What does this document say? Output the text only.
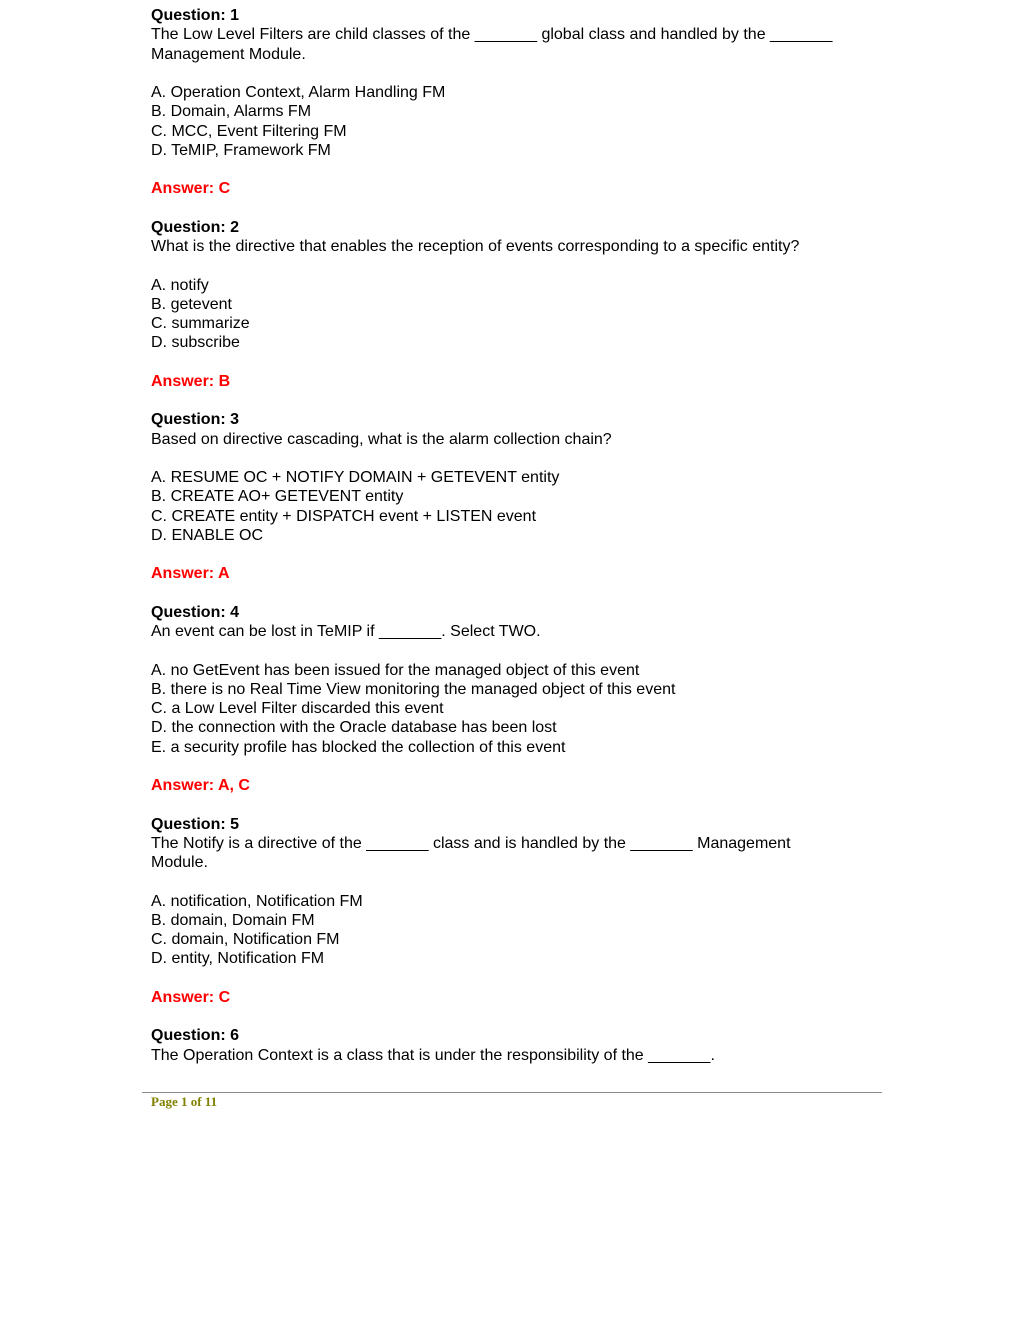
Question: 1
The Low Level Filters are child classes of the _______ global class and handled by the _______
Management Module.
A. Operation Context, Alarm Handling FM
B. Domain, Alarms FM
C. MCC, Event Filtering FM
D. TeMIP, Framework FM
Answer: C
Question: 2
What is the directive that enables the reception of events corresponding to a specific entity?
A. notify
B. getevent
C. summarize
D. subscribe
Answer: B
Question: 3
Based on directive cascading, what is the alarm collection chain?
A. RESUME OC + NOTIFY DOMAIN + GETEVENT entity
B. CREATE AO+ GETEVENT entity
C. CREATE entity + DISPATCH event + LISTEN event
D. ENABLE OC
Answer: A
Question: 4
An event can be lost in TeMIP if _______. Select TWO.
A. no GetEvent has been issued for the managed object of this event
B. there is no Real Time View monitoring the managed object of this event
C. a Low Level Filter discarded this event
D. the connection with the Oracle database has been lost
E. a security profile has blocked the collection of this event
Answer: A, C
Question: 5
The Notify is a directive of the _______ class and is handled by the _______ Management
Module.
A. notification, Notification FM
B. domain, Domain FM
C. domain, Notification FM
D. entity, Notification FM
Answer: C
Question: 6
The Operation Context is a class that is under the responsibility of the _______.
Page 1 of 11
